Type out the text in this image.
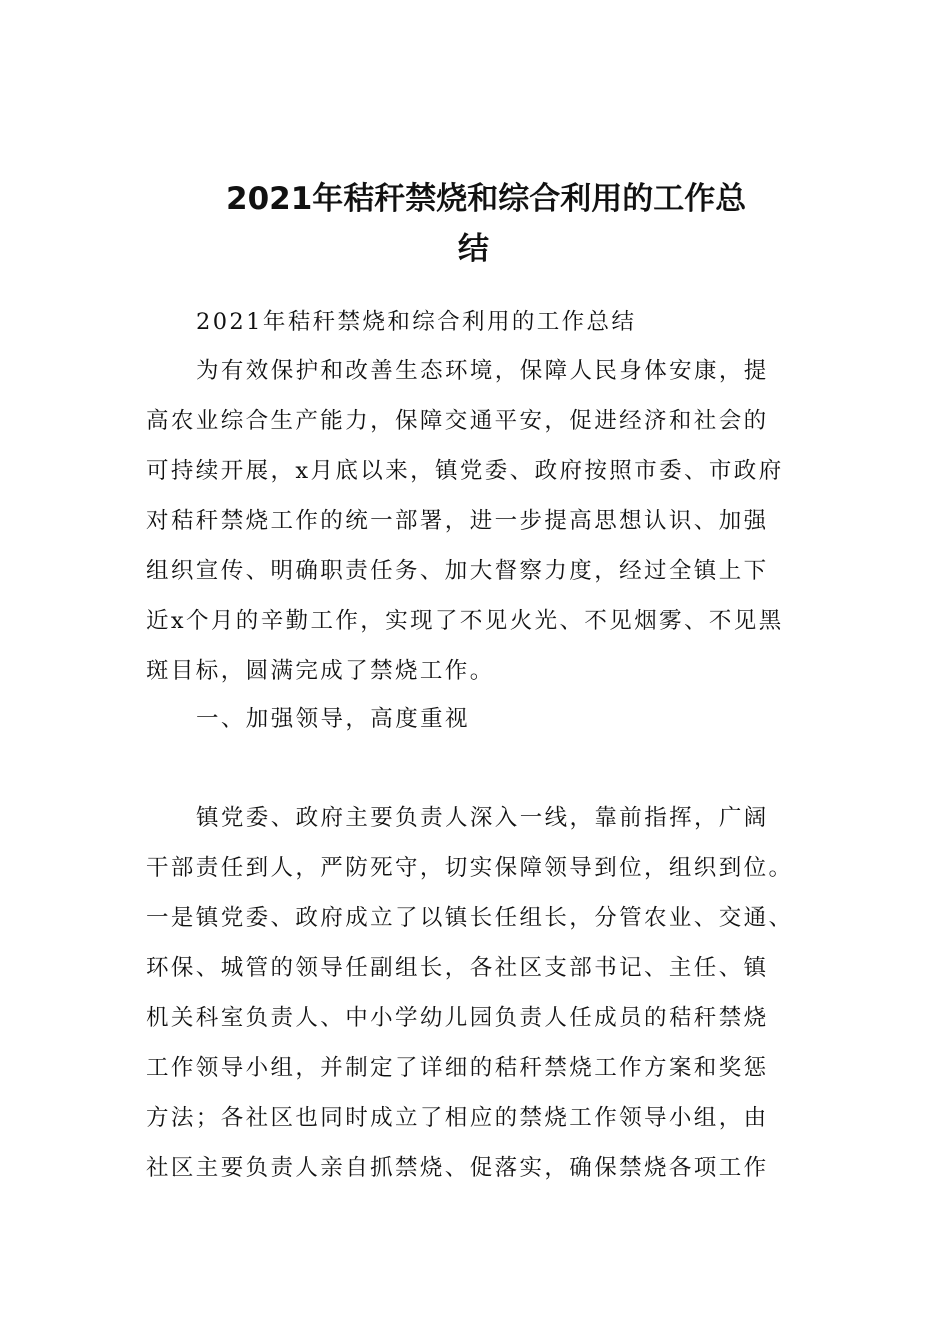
2021年秸秆禁烧和综合利用的工作总
结
2021年秸秆禁烧和综合利用的工作总结
为有效保护和改善生态环境，保障人民身体安康，提
高农业综合生产能力，保障交通平安，促进经济和社会的
可持续开展，x月底以来，镇党委、政府按照市委、市政府
对秸秆禁烧工作的统一部署，进一步提高思想认识、加强
组织宣传、明确职责任务、加大督察力度，经过全镇上下
近x个月的辛勤工作，实现了不见火光、不见烟雾、不见黑
斑目标，圆满完成了禁烧工作。
一、加强领导，高度重视
镇党委、政府主要负责人深入一线，靠前指挥，广阔
干部责任到人，严防死守，切实保障领导到位，组织到位。
一是镇党委、政府成立了以镇长任组长，分管农业、交通、
环保、城管的领导任副组长，各社区支部书记、主任、镇
机关科室负责人、中小学幼儿园负责人任成员的秸秆禁烧
工作领导小组，并制定了详细的秸秆禁烧工作方案和奖惩
方法；各社区也同时成立了相应的禁烧工作领导小组，由
社区主要负责人亲自抓禁烧、促落实，确保禁烧各项工作
